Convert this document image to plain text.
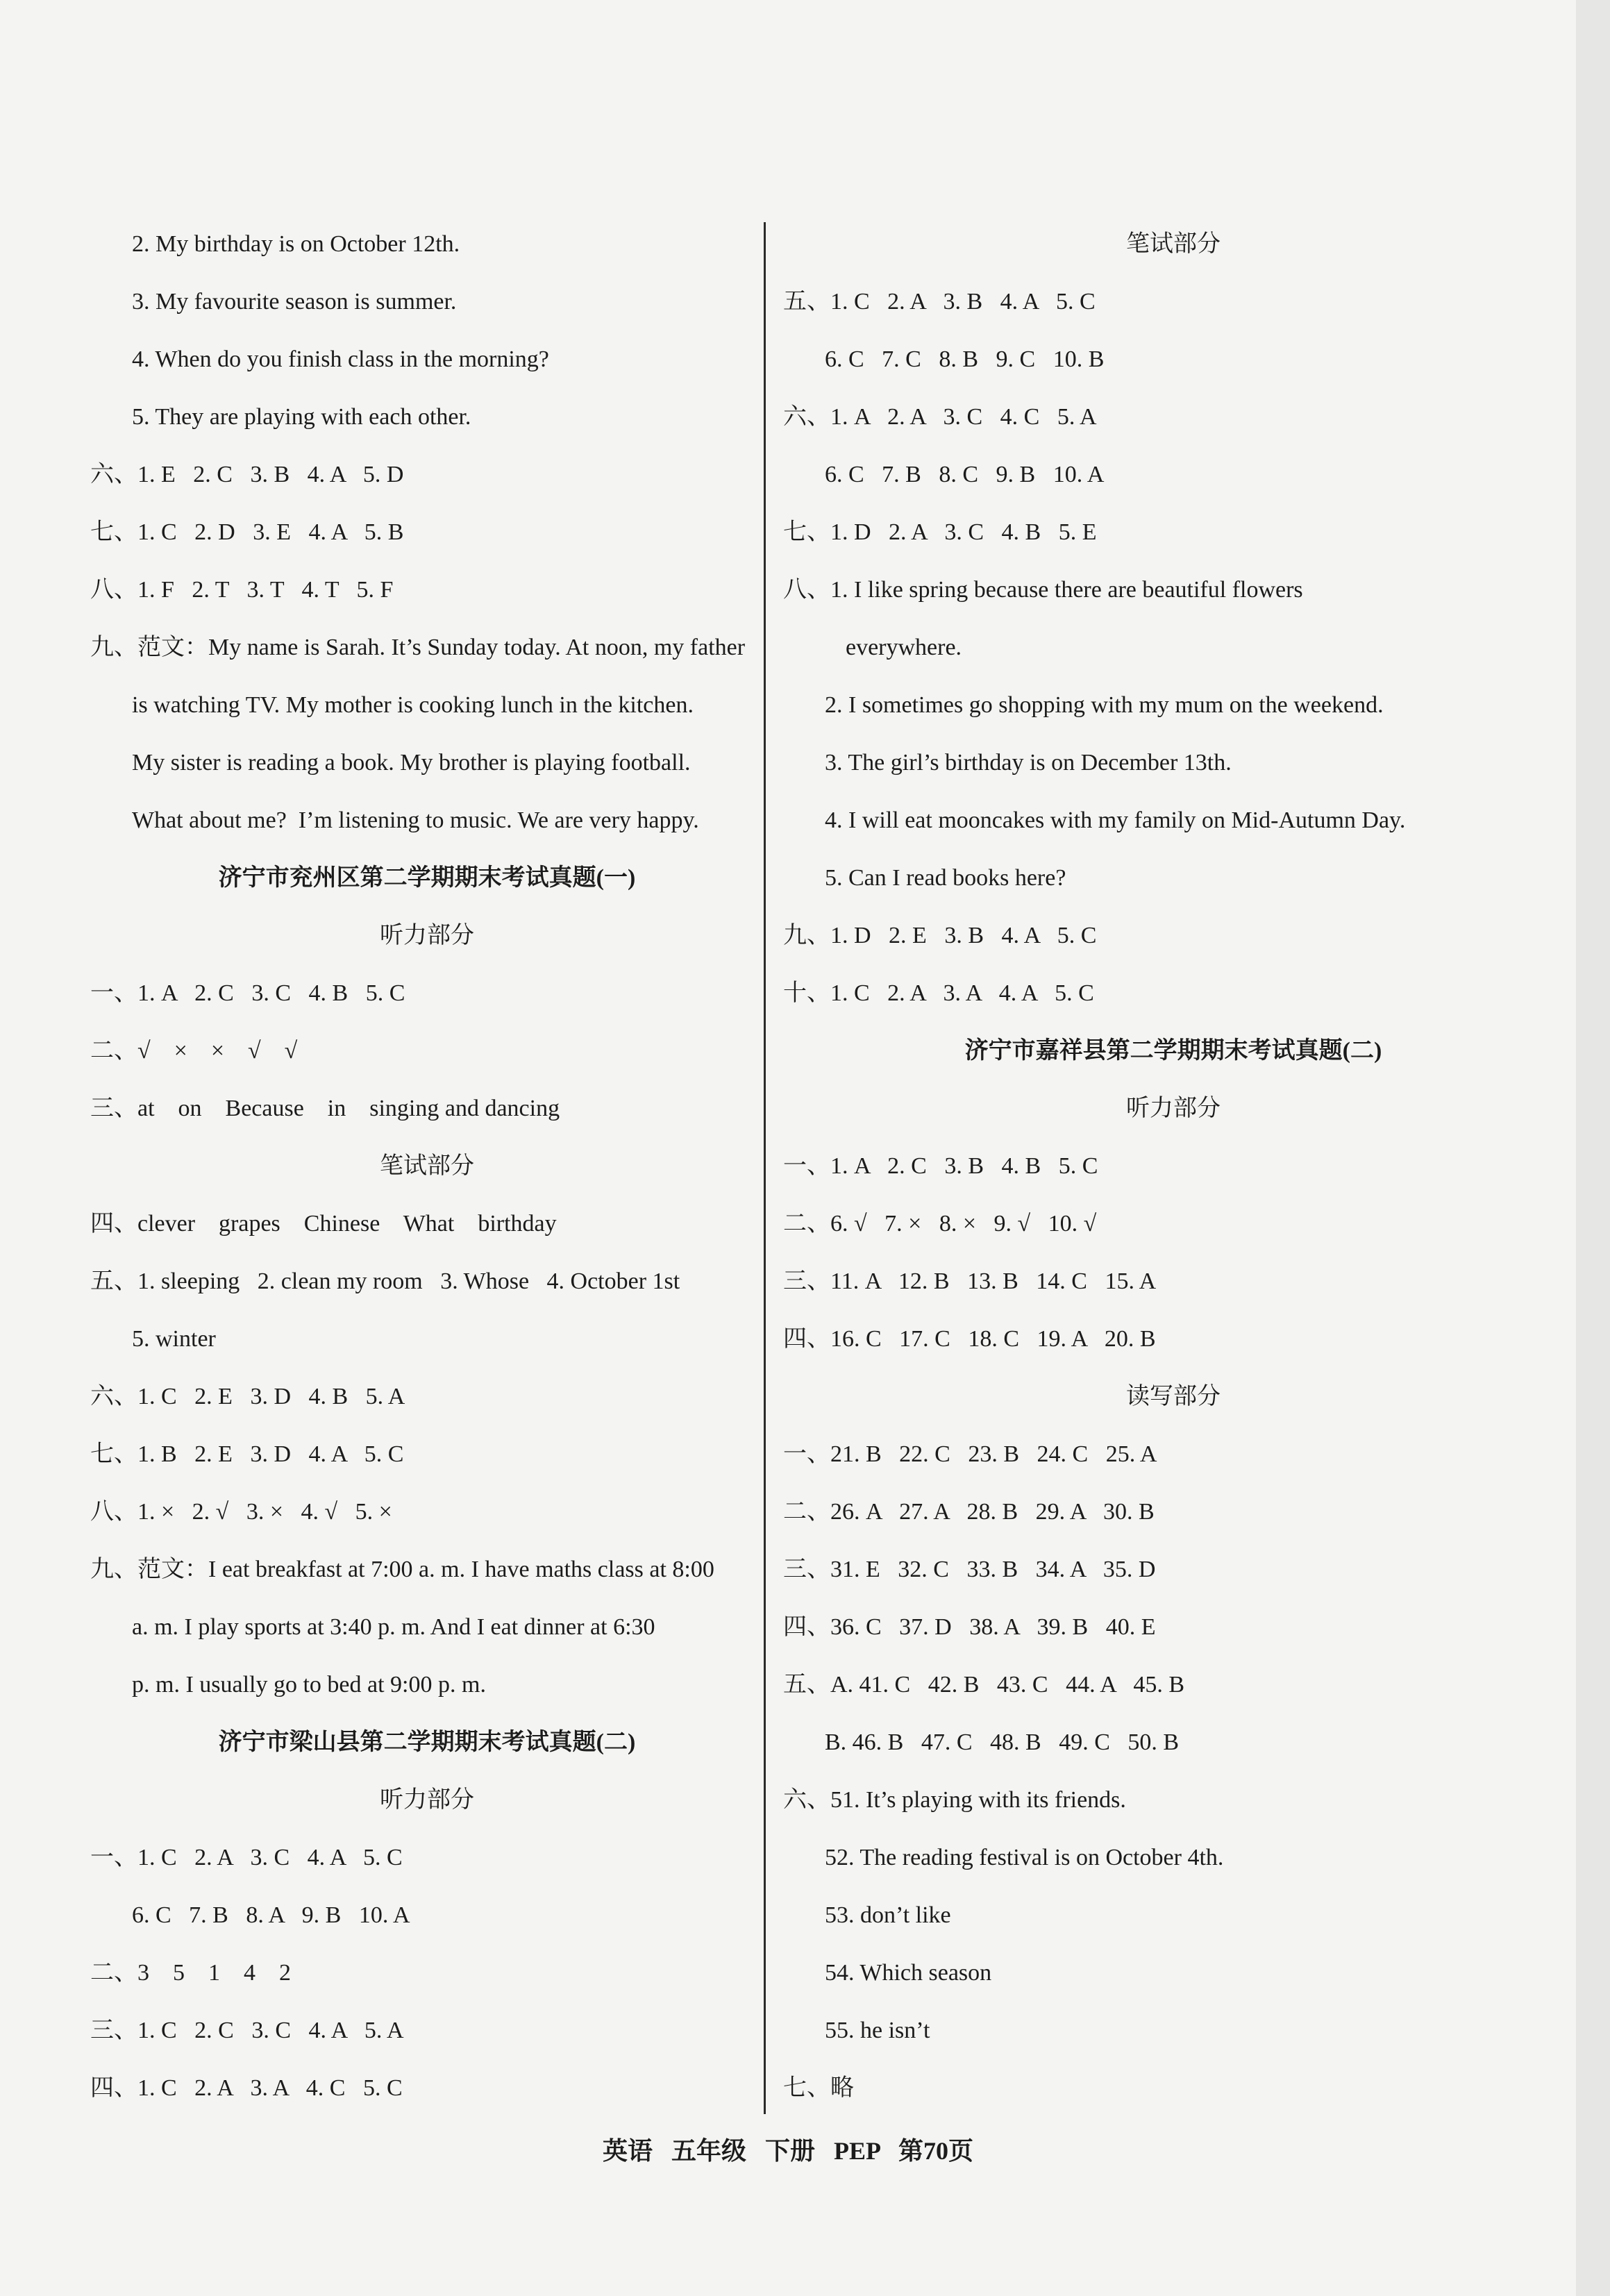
2. My birthday is on October 12th.
3. My favourite season is summer.
4. When do you finish class in the morning?
5. They are playing with each other.
六、1. E   2. C   3. B   4. A   5. D
七、1. C   2. D   3. E   4. A   5. B
八、1. F   2. T   3. T   4. T   5. F
九、范文：My name is Sarah. It’s Sunday today. At noon, my father
is watching TV. My mother is cooking lunch in the kitchen.
My sister is reading a book. My brother is playing football.
What about me?  I’m listening to music. We are very happy.
济宁市兖州区第二学期期末考试真题(一)
听力部分
一、1. A   2. C   3. C   4. B   5. C
二、√    ×    ×    √    √
三、at    on    Because    in    singing and dancing
笔试部分
四、clever    grapes    Chinese    What    birthday
五、1. sleeping   2. clean my room   3. Whose   4. October 1st
5. winter
六、1. C   2. E   3. D   4. B   5. A
七、1. B   2. E   3. D   4. A   5. C
八、1. ×   2. √   3. ×   4. √   5. ×
九、范文：I eat breakfast at 7:00 a. m. I have maths class at 8:00
a. m. I play sports at 3:40 p. m. And I eat dinner at 6:30
p. m. I usually go to bed at 9:00 p. m.
济宁市梁山县第二学期期末考试真题(二)
听力部分
一、1. C   2. A   3. C   4. A   5. C
6. C   7. B   8. A   9. B   10. A
二、3    5    1    4    2
三、1. C   2. C   3. C   4. A   5. A
四、1. C   2. A   3. A   4. C   5. C
笔试部分
五、1. C   2. A   3. B   4. A   5. C
6. C   7. C   8. B   9. C   10. B
六、1. A   2. A   3. C   4. C   5. A
6. C   7. B   8. C   9. B   10. A
七、1. D   2. A   3. C   4. B   5. E
八、1. I like spring because there are beautiful flowers
everywhere.
2. I sometimes go shopping with my mum on the weekend.
3. The girl’s birthday is on December 13th.
4. I will eat mooncakes with my family on Mid-Autumn Day.
5. Can I read books here?
九、1. D   2. E   3. B   4. A   5. C
十、1. C   2. A   3. A   4. A   5. C
济宁市嘉祥县第二学期期末考试真题(二)
听力部分
一、1. A   2. C   3. B   4. B   5. C
二、6. √   7. ×   8. ×   9. √   10. √
三、11. A   12. B   13. B   14. C   15. A
四、16. C   17. C   18. C   19. A   20. B
读写部分
一、21. B   22. C   23. B   24. C   25. A
二、26. A   27. A   28. B   29. A   30. B
三、31. E   32. C   33. B   34. A   35. D
四、36. C   37. D   38. A   39. B   40. E
五、A. 41. C   42. B   43. C   44. A   45. B
B. 46. B   47. C   48. B   49. C   50. B
六、51. It’s playing with its friends.
52. The reading festival is on October 4th.
53. don’t like
54. Which season
55. he isn’t
七、略
英语   五年级   下册   PEP   第70页
